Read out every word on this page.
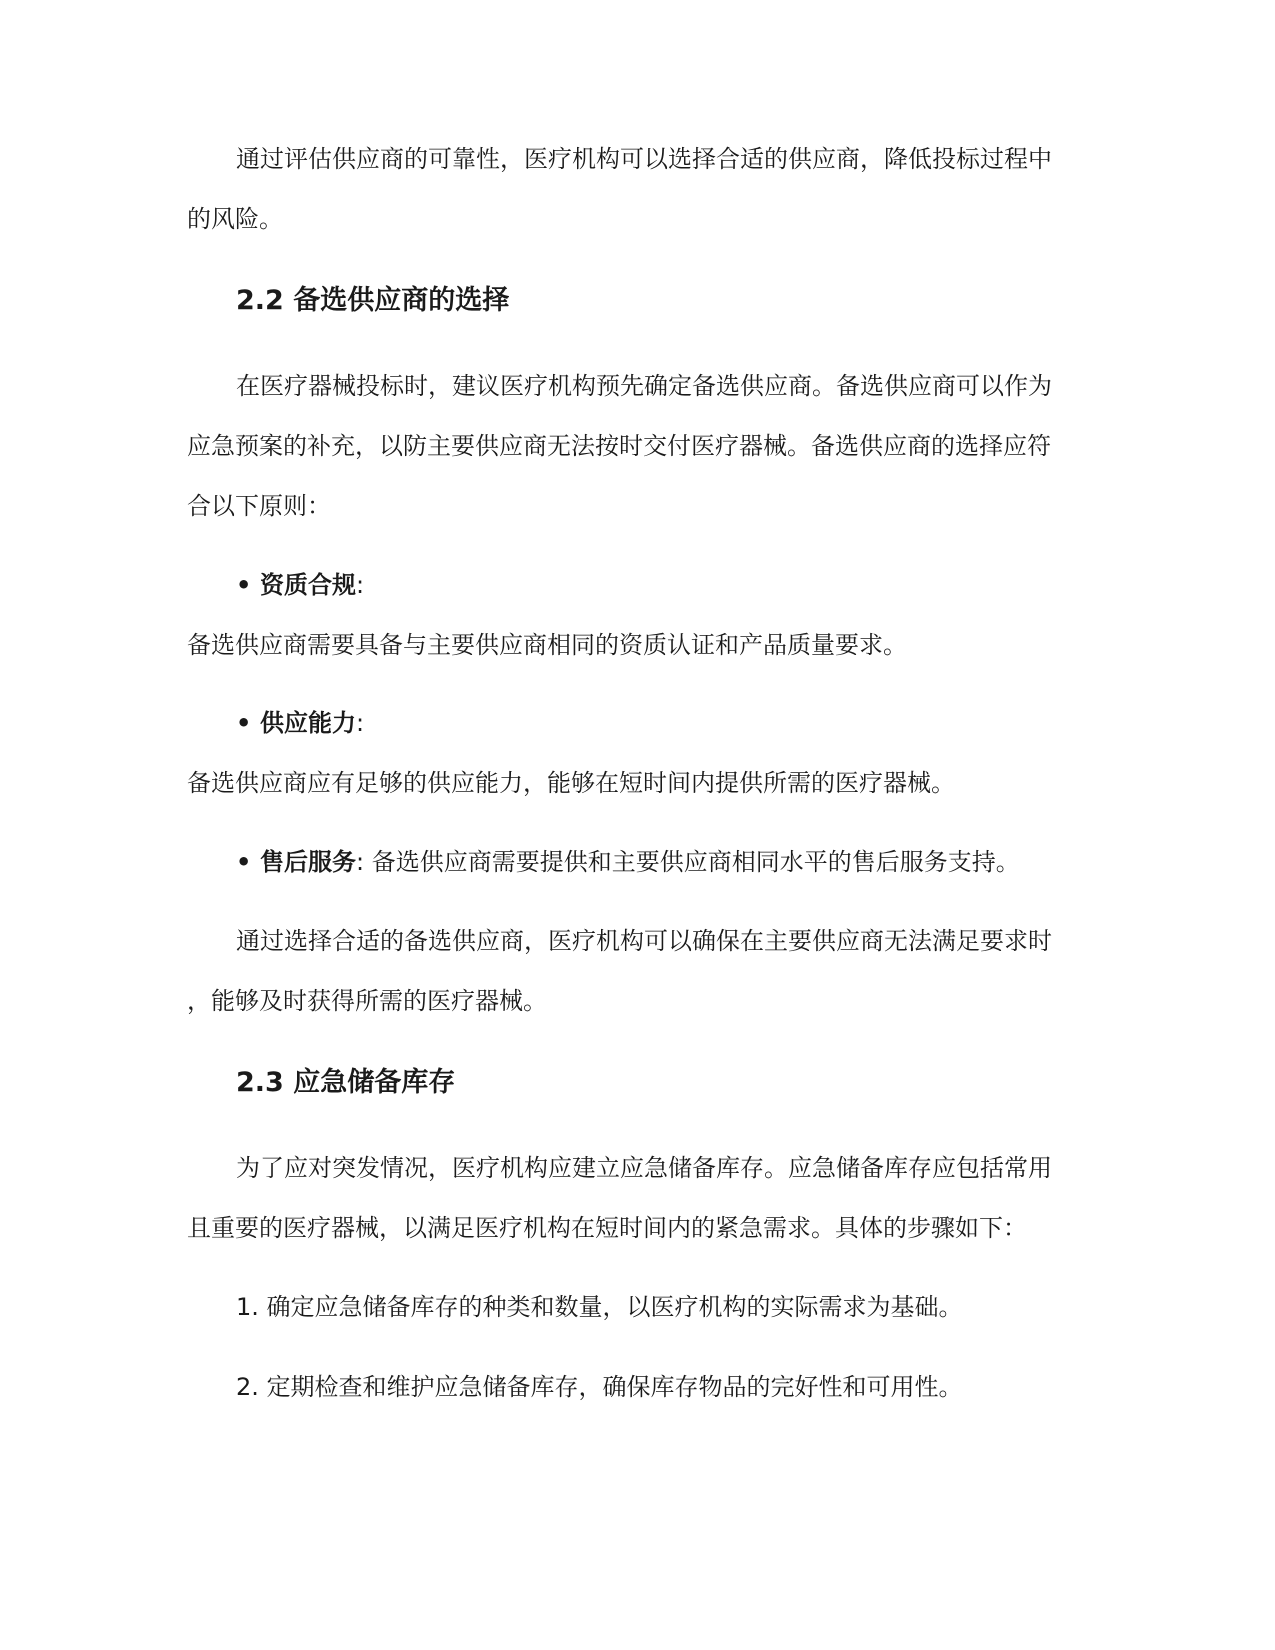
通过评估供应商的可靠性，医疗机构可以选择合适的供应商，降低投标过程中
的风险。
2.2 备选供应商的选择
在医疗器械投标时，建议医疗机构预先确定备选供应商。备选供应商可以作为
应急预案的补充，以防主要供应商无法按时交付医疗器械。备选供应商的选择应符
合以下原则：
• 资质合规:
备选供应商需要具备与主要供应商相同的资质认证和产品质量要求。
• 供应能力:
备选供应商应有足够的供应能力，能够在短时间内提供所需的医疗器械。
• 售后服务: 备选供应商需要提供和主要供应商相同水平的售后服务支持。
通过选择合适的备选供应商，医疗机构可以确保在主要供应商无法满足要求时
，能够及时获得所需的医疗器械。
2.3 应急储备库存
为了应对突发情况，医疗机构应建立应急储备库存。应急储备库存应包括常用
且重要的医疗器械，以满足医疗机构在短时间内的紧急需求。具体的步骤如下：
1. 确定应急储备库存的种类和数量，以医疗机构的实际需求为基础。
2. 定期检查和维护应急储备库存，确保库存物品的完好性和可用性。
